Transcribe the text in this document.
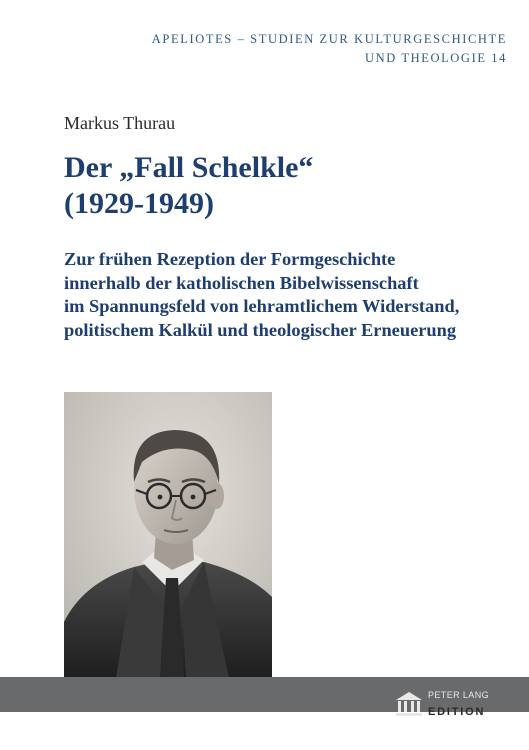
APELIOTES – STUDIEN ZUR KULTURGESCHICHTE
UND THEOLOGIE 14
Markus Thurau
Der „Fall Schelkle“
(1929-1949)
Zur frühen Rezeption der Formgeschichte
innerhalb der katholischen Bibelwissenschaft
im Spannungsfeld von lehramtlichem Widerstand,
politischem Kalkül und theologischer Erneuerung
PETER LANG
EDITION
